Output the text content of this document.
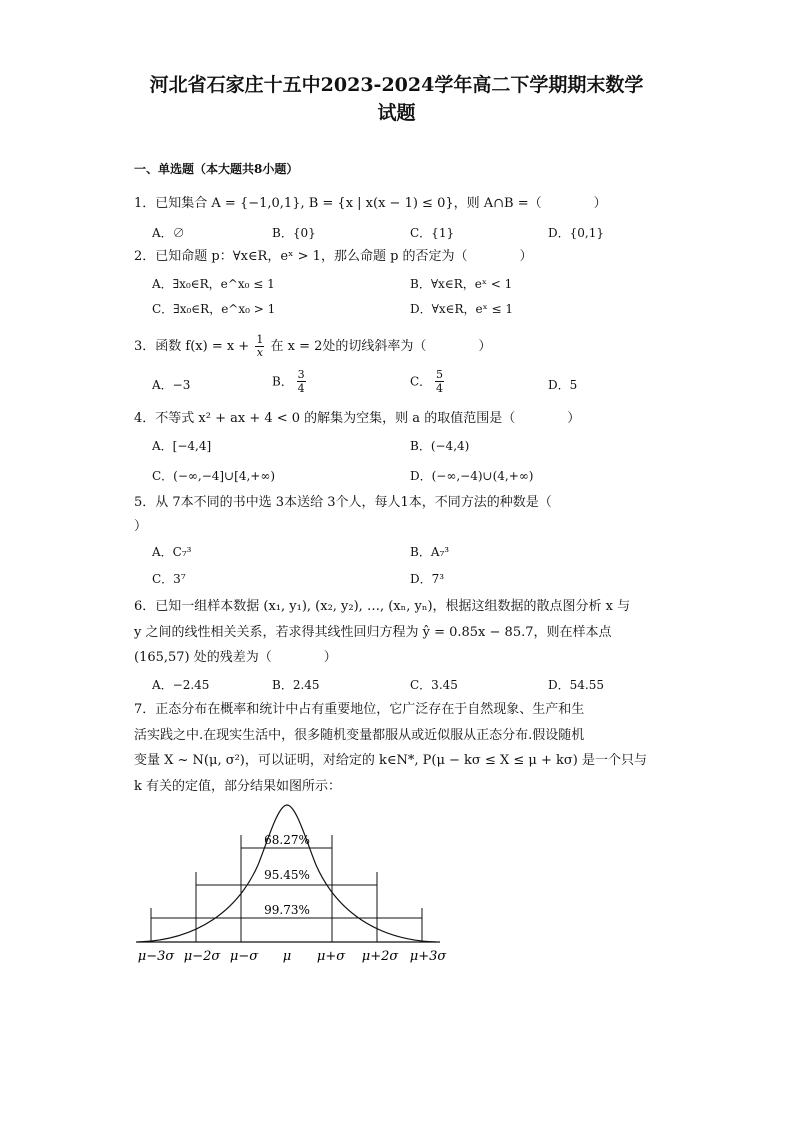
河北省石家庄十五中2023-2024学年高二下学期期末数学
试题
一、单选题（本大题共8小题）
1．已知集合 A = {−1,0,1}, B = {x | x(x − 1) ≤ 0}，则 A∩B =（　　　　）
A．∅	B．{0}	C．{1}	D．{0,1}
2．已知命题 p：∀x∈R，eˣ > 1，那么命题 p 的否定为（　　　　）
A．∃x₀∈R，e^x₀ ≤ 1	B．∀x∈R，eˣ < 1
C．∃x₀∈R，e^x₀ > 1	D．∀x∈R，eˣ ≤ 1
3．函数 $f(x) = x + \frac{1}{x}$ 在 x = 2处的切线斜率为（　　　　）
A．−3	B． $\frac{3}{4}$	C． $\frac{5}{4}$	D．5
4．不等式 x² + ax + 4 < 0 的解集为空集，则 a 的取值范围是（　　　　）
A．[−4,4]	B．(−4,4)
C．(−∞,−4]∪[4,+∞)	D．(−∞,−4)∪(4,+∞)
5．从 7本不同的书中选 3本送给 3个人，每人1本，不同方法的种数是（
）
A．C₇³	B．A₇³
C．3⁷	D．7³
6．已知一组样本数据 (x₁, y₁), (x₂, y₂), …, (xₙ, yₙ)，根据这组数据的散点图分析 x 与
y 之间的线性相关关系，若求得其线性回归方程为 ŷ = 0.85x − 85.7，则在样本点
(165,57) 处的残差为（　　　　）
A．−2.45	B．2.45	C．3.45	D．54.55
7．正态分布在概率和统计中占有重要地位，它广泛存在于自然现象、生产和生
活实践之中.在现实生活中，很多随机变量都服从或近似服从正态分布.假设随机
变量 X ~ N(μ, σ²)，可以证明，对给定的 k∈N*, P(μ − kσ ≤ X ≤ μ + kσ) 是一个只与
k 有关的定值，部分结果如图所示：
68.27%
95.45%
99.73%
μ−3σ μ−2σ μ−σ μ μ+σ μ+2σ μ+3σ
